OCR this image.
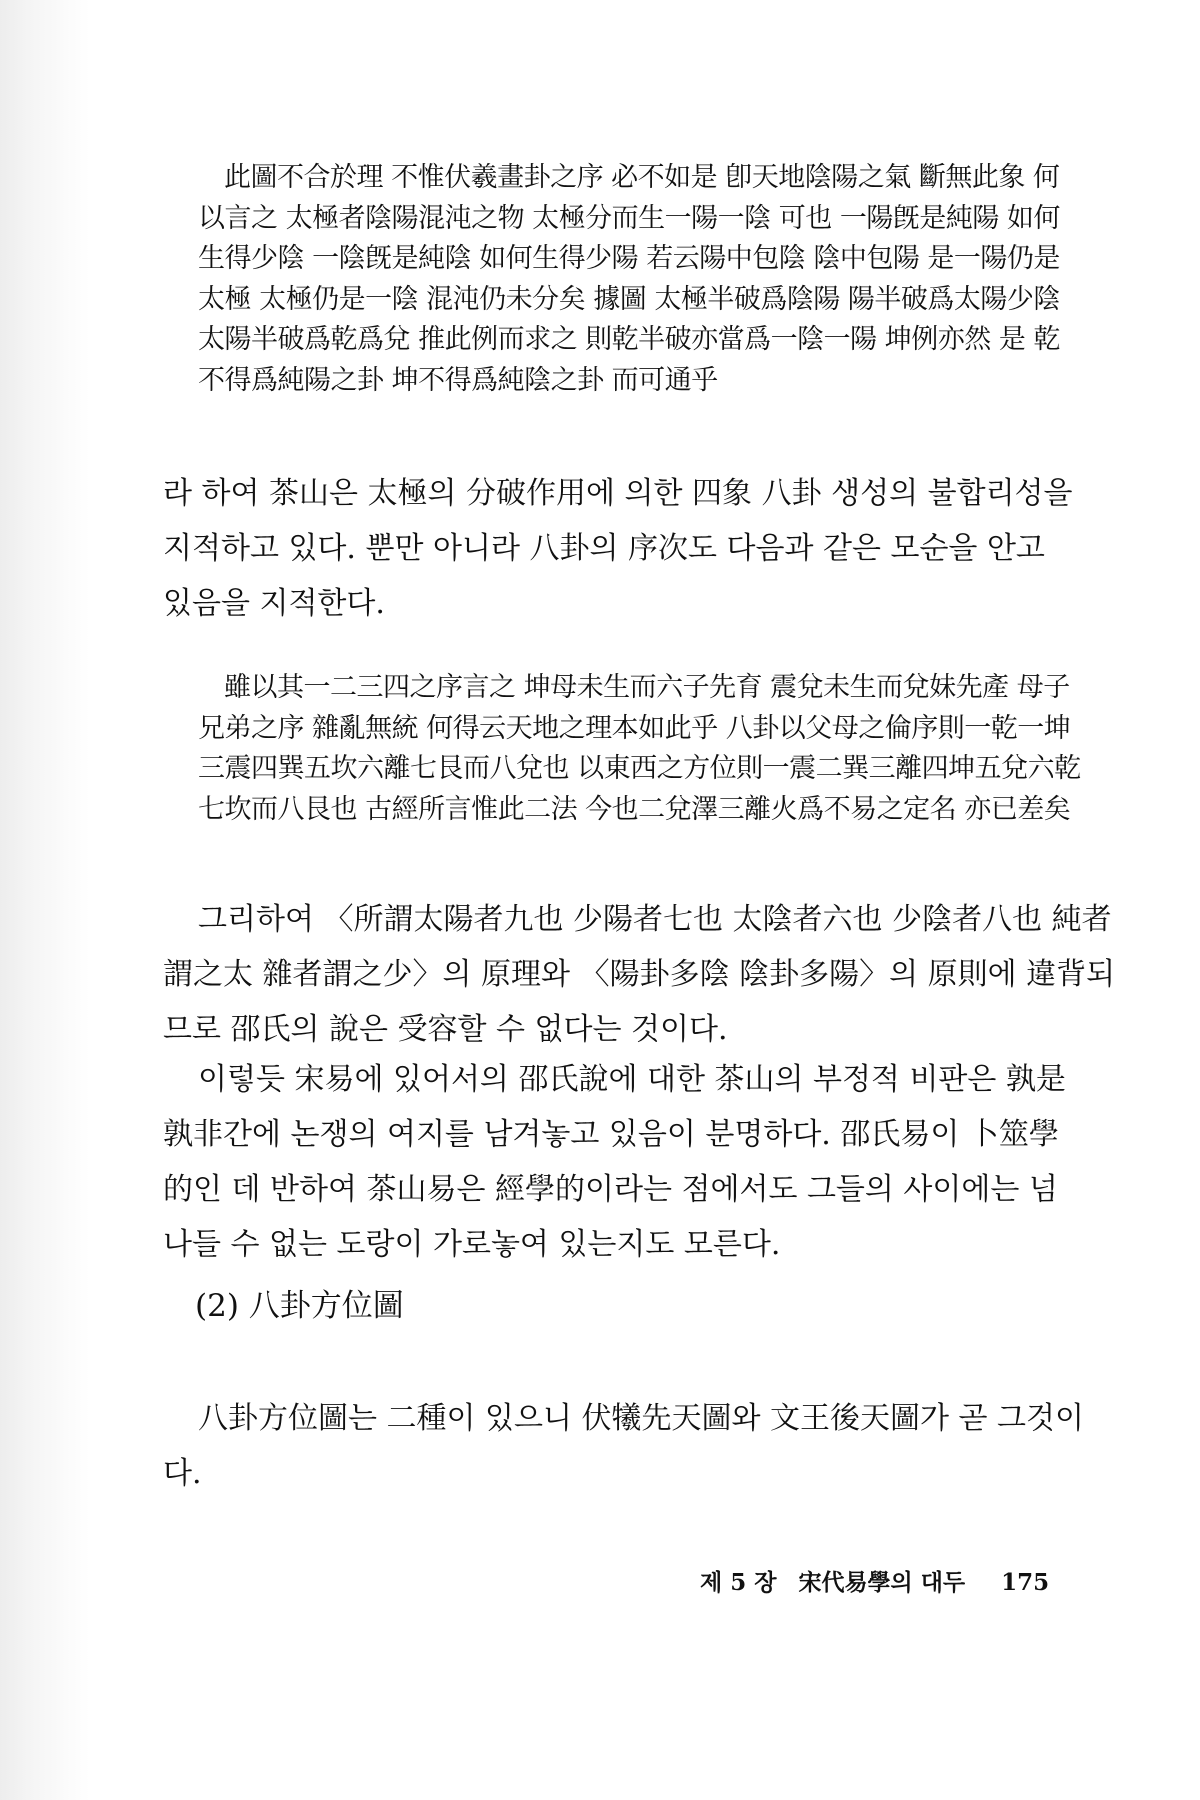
此圖不合於理 不惟伏羲畫卦之序 必不如是 卽天地陰陽之氣 斷無此象 何

以言之 太極者陰陽混沌之物 太極分而生一陽一陰 可也 一陽旣是純陽 如何

生得少陰 一陰旣是純陰 如何生得少陽 若云陽中包陰 陰中包陽 是一陽仍是

太極 太極仍是一陰 混沌仍未分矣 據圖 太極半破爲陰陽 陽半破爲太陽少陰

太陽半破爲乾爲兌 推此例而求之 則乾半破亦當爲一陰一陽 坤例亦然 是 乾

不得爲純陽之卦 坤不得爲純陰之卦 而可通乎

라 하여 茶山은 太極의 分破作用에 의한 四象 八卦 생성의 불합리성을

지적하고 있다. 뿐만 아니라 八卦의 序次도 다음과 같은 모순을 안고

있음을 지적한다.

雖以其一二三四之序言之 坤母未生而六子先育 震兌未生而兌妹先產 母子

兄弟之序 雜亂無統 何得云天地之理本如此乎 八卦以父母之倫序則一乾一坤

三震四巽五坎六離七艮而八兌也 以東西之方位則一震二巽三離四坤五兌六乾

七坎而八艮也 古經所言惟此二法 今也二兌澤三離火爲不易之定名 亦已差矣

그리하여 〈所謂太陽者九也 少陽者七也 太陰者六也 少陰者八也 純者

謂之太 雜者謂之少〉의 原理와 〈陽卦多陰 陰卦多陽〉의 原則에 違背되

므로 邵氏의 說은 受容할 수 없다는 것이다.

이렇듯 宋易에 있어서의 邵氏說에 대한 茶山의 부정적 비판은 孰是

孰非간에 논쟁의 여지를 남겨놓고 있음이 분명하다. 邵氏易이 卜筮學

的인 데 반하여 茶山易은 經學的이라는 점에서도 그들의 사이에는 넘

나들 수 없는 도랑이 가로놓여 있는지도 모른다.

(2) 八卦方位圖

八卦方位圖는 二種이 있으니 伏犧先天圖와 文王後天圖가 곧 그것이

다.

제 5 장 宋代易學의 대두 175
